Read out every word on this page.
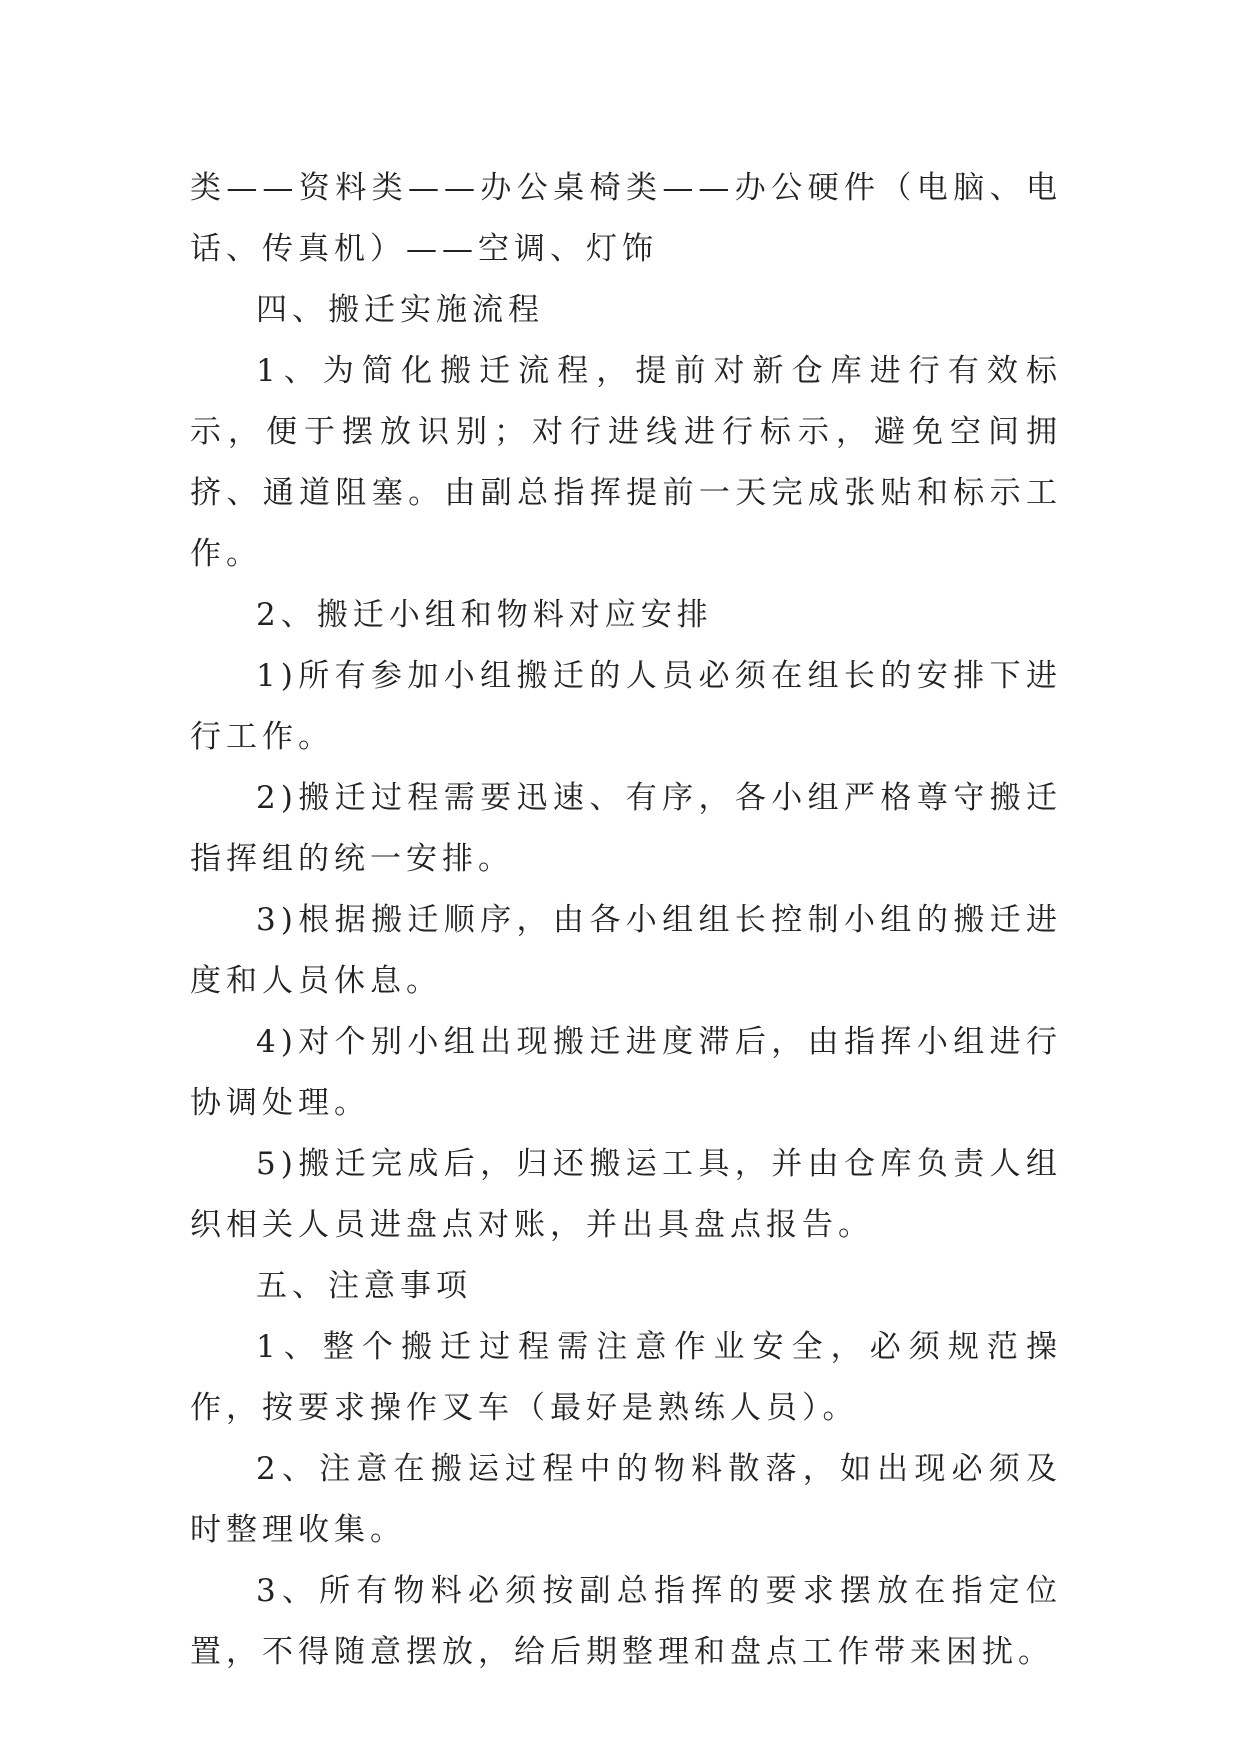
类——资料类——办公桌椅类——办公硬件（电脑、电话、传真机）——空调、灯饰

四、搬迁实施流程

1、为简化搬迁流程，提前对新仓库进行有效标示，便于摆放识别；对行进线进行标示，避免空间拥挤、通道阻塞。由副总指挥提前一天完成张贴和标示工作。

2、搬迁小组和物料对应安排

1)所有参加小组搬迁的人员必须在组长的安排下进行工作。

2)搬迁过程需要迅速、有序，各小组严格尊守搬迁指挥组的统一安排。

3)根据搬迁顺序，由各小组组长控制小组的搬迁进度和人员休息。

4)对个别小组出现搬迁进度滞后，由指挥小组进行协调处理。

5)搬迁完成后，归还搬运工具，并由仓库负责人组织相关人员进盘点对账，并出具盘点报告。

五、注意事项

1、整个搬迁过程需注意作业安全，必须规范操作，按要求操作叉车（最好是熟练人员）。

2、注意在搬运过程中的物料散落，如出现必须及时整理收集。

3、所有物料必须按副总指挥的要求摆放在指定位置，不得随意摆放，给后期整理和盘点工作带来困扰。
